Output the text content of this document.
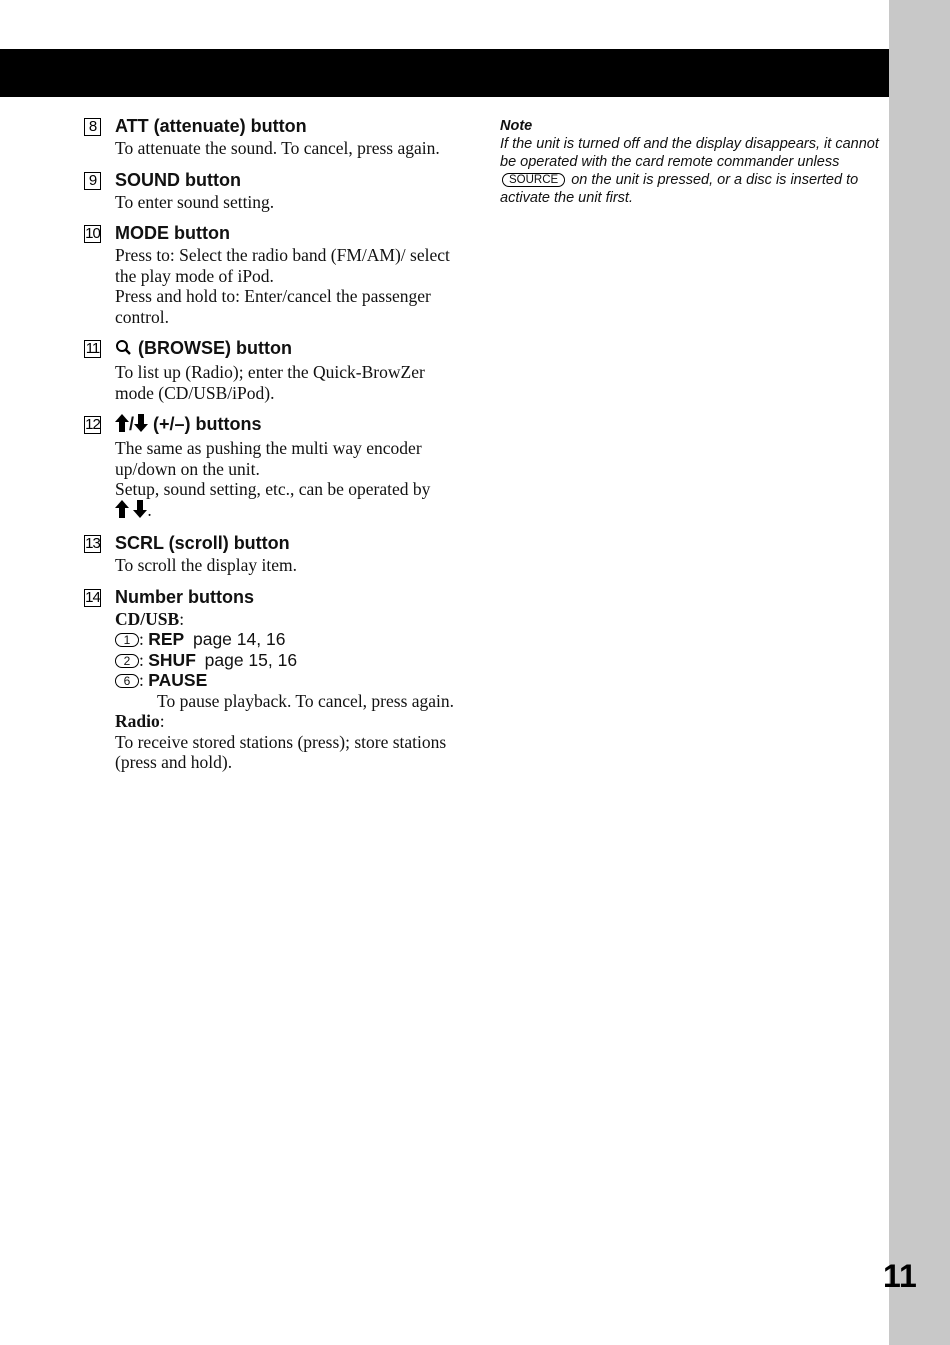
11
8 ATT (attenuate) button
To attenuate the sound. To cancel, press again.
9 SOUND button
To enter sound setting.
10 MODE button
Press to: Select the radio band (FM/AM)/ select the play mode of iPod.
Press and hold to: Enter/cancel the passenger control.
11	(BROWSE) button
To list up (Radio); enter the Quick-BrowZer mode (CD/USB/iPod).
12	/ (+/–) buttons
The same as pushing the multi way encoder up/down on the unit.
Setup, sound setting, etc., can be operated by
.
13 SCRL (scroll) button
To scroll the display item.
14 Number buttons
CD/USB:
1 : REP page 14, 16
2 : SHUF page 15, 16
6 : PAUSE
To pause playback. To cancel, press again.
Radio:
To receive stored stations (press); store stations (press and hold).
Note
If the unit is turned off and the display disappears, it cannot be operated with the card remote commander unless SOURCE on the unit is pressed, or a disc is inserted to activate the unit first.
